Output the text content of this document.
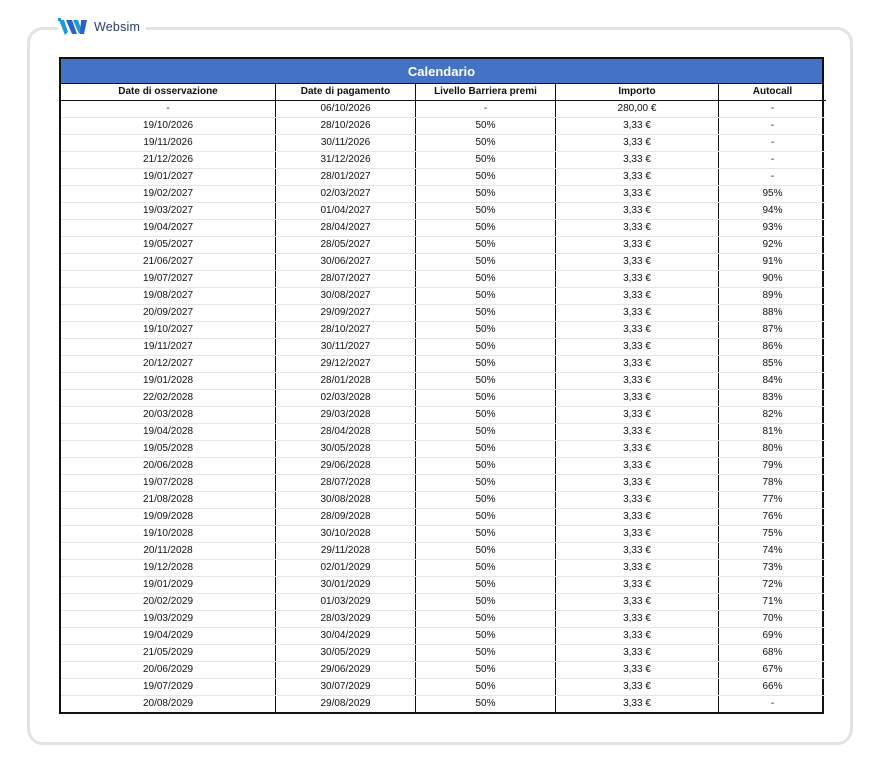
Websim
Calendario
Date di osservazione	Date di pagamento	Livello Barriera premi	Importo	Autocall
-	06/10/2026	-	280,00 €	-
19/10/2026	28/10/2026	50%	3,33 €	-
19/11/2026	30/11/2026	50%	3,33 €	-
21/12/2026	31/12/2026	50%	3,33 €	-
19/01/2027	28/01/2027	50%	3,33 €	-
19/02/2027	02/03/2027	50%	3,33 €	95%
19/03/2027	01/04/2027	50%	3,33 €	94%
19/04/2027	28/04/2027	50%	3,33 €	93%
19/05/2027	28/05/2027	50%	3,33 €	92%
21/06/2027	30/06/2027	50%	3,33 €	91%
19/07/2027	28/07/2027	50%	3,33 €	90%
19/08/2027	30/08/2027	50%	3,33 €	89%
20/09/2027	29/09/2027	50%	3,33 €	88%
19/10/2027	28/10/2027	50%	3,33 €	87%
19/11/2027	30/11/2027	50%	3,33 €	86%
20/12/2027	29/12/2027	50%	3,33 €	85%
19/01/2028	28/01/2028	50%	3,33 €	84%
22/02/2028	02/03/2028	50%	3,33 €	83%
20/03/2028	29/03/2028	50%	3,33 €	82%
19/04/2028	28/04/2028	50%	3,33 €	81%
19/05/2028	30/05/2028	50%	3,33 €	80%
20/06/2028	29/06/2028	50%	3,33 €	79%
19/07/2028	28/07/2028	50%	3,33 €	78%
21/08/2028	30/08/2028	50%	3,33 €	77%
19/09/2028	28/09/2028	50%	3,33 €	76%
19/10/2028	30/10/2028	50%	3,33 €	75%
20/11/2028	29/11/2028	50%	3,33 €	74%
19/12/2028	02/01/2029	50%	3,33 €	73%
19/01/2029	30/01/2029	50%	3,33 €	72%
20/02/2029	01/03/2029	50%	3,33 €	71%
19/03/2029	28/03/2029	50%	3,33 €	70%
19/04/2029	30/04/2029	50%	3,33 €	69%
21/05/2029	30/05/2029	50%	3,33 €	68%
20/06/2029	29/06/2029	50%	3,33 €	67%
19/07/2029	30/07/2029	50%	3,33 €	66%
20/08/2029	29/08/2029	50%	3,33 €	-
